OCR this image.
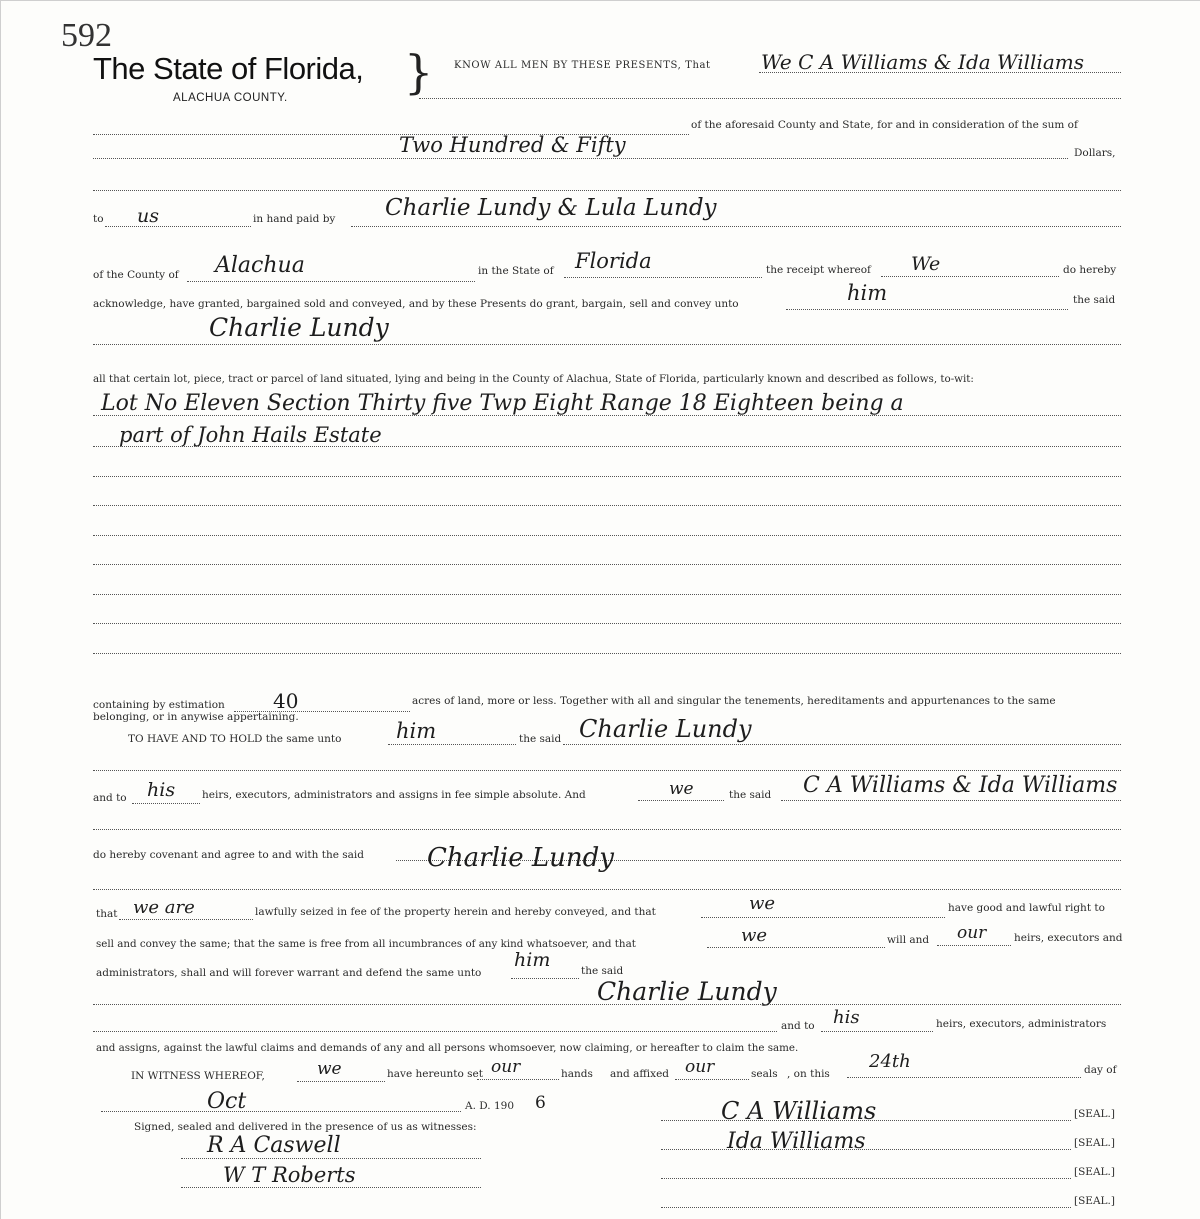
592
The State of Florida, }
ALACHUA COUNTY.
KNOW ALL MEN BY THESE PRESENTS, That	We C A Williams & Ida Williams
of the aforesaid County and State, for and in consideration of the sum of
Two Hundred & Fifty	Dollars,
to us	in hand paid by Charlie Lundy & Lula Lundy
of the County of Alachua	in the State of Florida	the receipt whereof We	do hereby
acknowledge, have granted, bargained sold and conveyed, and by these Presents do grant, bargain, sell and convey unto	him	the said
Charlie Lundy
all that certain lot, piece, tract or parcel of land situated, lying and being in the County of Alachua, State of Florida, particularly known and described as follows, to-wit:
Lot No Eleven Section Thirty five Twp Eight Range 18 Eighteen being a
part of John Hails Estate
containing by estimation 40	acres of land, more or less. Together with all and singular the tenements, hereditaments and appurtenances to the same
belonging, or in anywise appertaining.
TO HAVE AND TO HOLD the same unto	him	the said Charlie Lundy
and to his	heirs, executors, administrators and assigns in fee simple absolute. And	we	the said C A Williams & Ida Williams
do hereby covenant and agree to and with the said Charlie Lundy
that we are	lawfully seized in fee of the property herein and hereby conveyed, and that	we	have good and lawful right to
sell and convey the same; that the same is free from all incumbrances of any kind whatsoever, and that	we	will and our	heirs, executors and
administrators, shall and will forever warrant and defend the same unto
him	the said
Charlie Lundy
and to his	heirs, executors, administrators
and assigns, against the lawful claims and demands of any and all persons whomsoever, now claiming, or hereafter to claim the same.
IN WITNESS WHEREOF,	we	have hereunto set our	hands and affixed our	seals , on this
24th	day of
Oct	A. D. 190 6
Signed, sealed and delivered in the presence of us as witnesses:
R A Caswell
W T Roberts
C A Williams	[SEAL.]
Ida Williams	[SEAL.]
[SEAL.]
[SEAL.]
